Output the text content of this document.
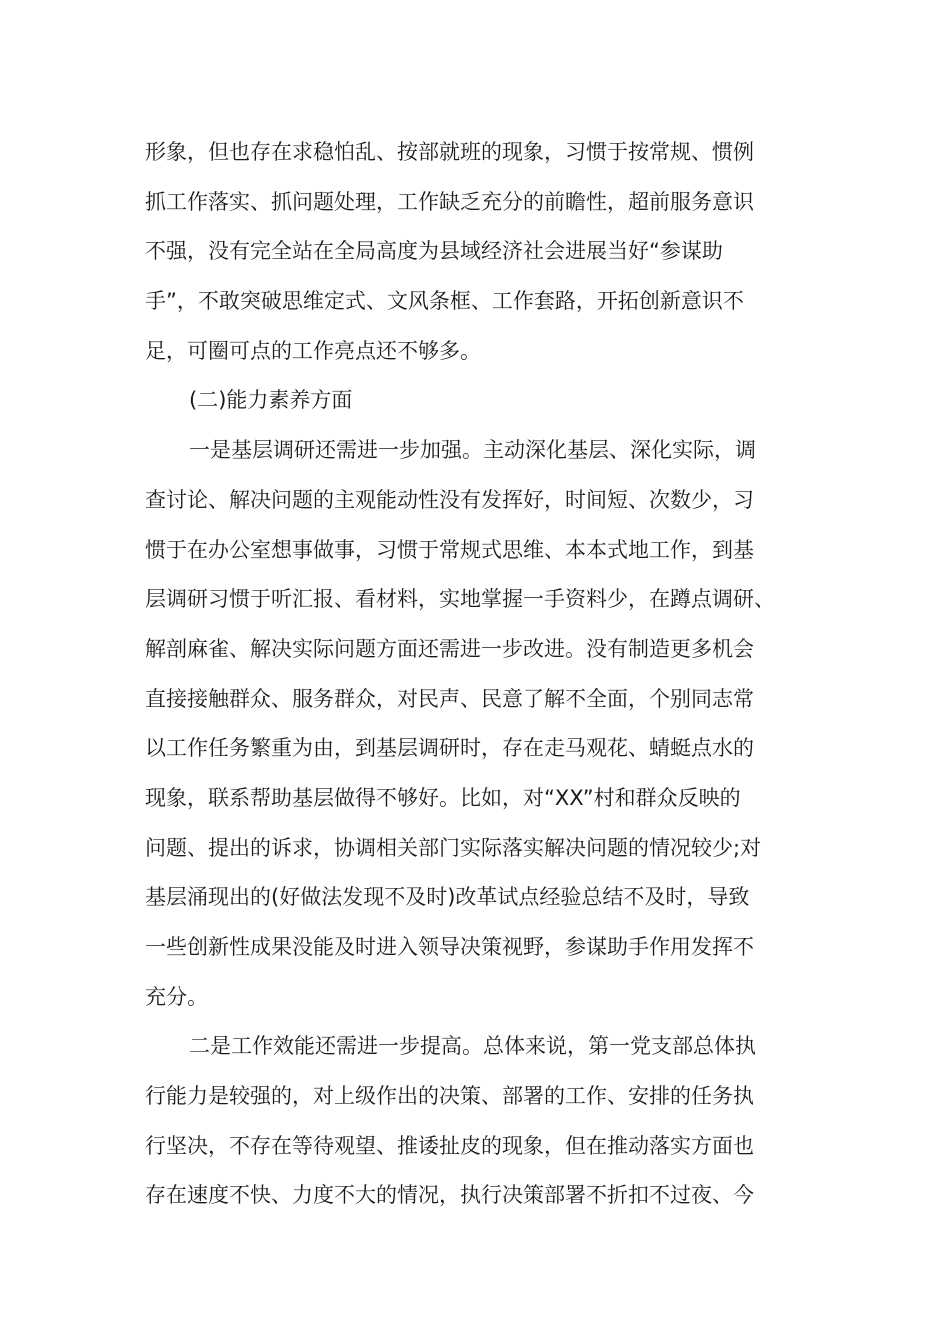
形象，但也存在求稳怕乱、按部就班的现象，习惯于按常规、惯例
抓工作落实、抓问题处理，工作缺乏充分的前瞻性，超前服务意识
不强，没有完全站在全局高度为县域经济社会进展当好“参谋助
手”，不敢突破思维定式、文风条框、工作套路，开拓创新意识不
足，可圈可点的工作亮点还不够多。
(二)能力素养方面
一是基层调研还需进一步加强。主动深化基层、深化实际，调
查讨论、解决问题的主观能动性没有发挥好，时间短、次数少，习
惯于在办公室想事做事，习惯于常规式思维、本本式地工作，到基
层调研习惯于听汇报、看材料，实地掌握一手资料少，在蹲点调研、
解剖麻雀、解决实际问题方面还需进一步改进。没有制造更多机会
直接接触群众、服务群众，对民声、民意了解不全面，个别同志常
以工作任务繁重为由，到基层调研时，存在走马观花、蜻蜓点水的
现象，联系帮助基层做得不够好。比如，对“XX”村和群众反映的
问题、提出的诉求，协调相关部门实际落实解决问题的情况较少;对
基层涌现出的(好做法发现不及时)改革试点经验总结不及时，导致
一些创新性成果没能及时进入领导决策视野，参谋助手作用发挥不
充分。
二是工作效能还需进一步提高。总体来说，第一党支部总体执
行能力是较强的，对上级作出的决策、部署的工作、安排的任务执
行坚决，不存在等待观望、推诿扯皮的现象，但在推动落实方面也
存在速度不快、力度不大的情况，执行决策部署不折扣不过夜、今
